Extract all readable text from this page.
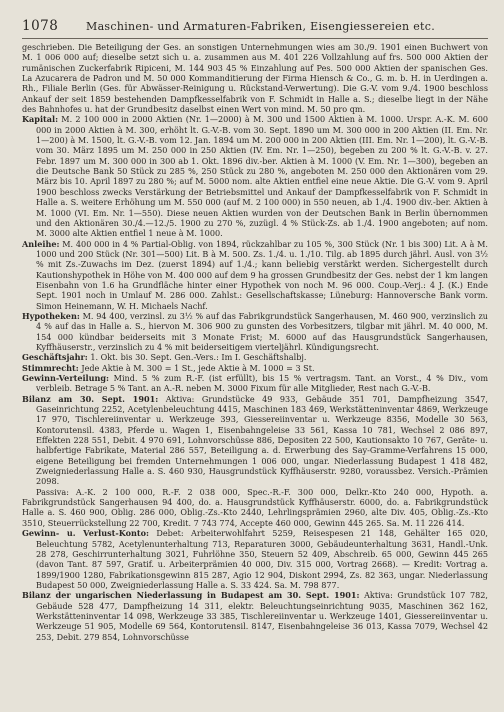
1078	Maschinen- und Armaturen-Fabriken, Eisengiessereien etc.

geschrieben. Die Beteiligung der Ges. an sonstigen Unternehmungen wies am 30./9. 1901 einen Buchwert von M. 1 006 000 auf; dieselbe setzt sich u. a. zusammen aus M. 401 226 Vollzahlung auf frs. 500 000 Aktien der rumänischen Zuckerfabrik Ripiceni, M. 144 903 45 % Einzahlung auf Pes. 500 000 Aktien der spanischen Ges. La Azucarera de Padron und M. 50 000 Kommanditierung der Firma Hiensch & Co., G. m. b. H. in Uerdingen a. Rh., Filiale Berlin (Ges. für Abwässer-Reinigung u. Rückstand-Verwertung). Die G.-V. vom 9./4. 1900 beschloss Ankauf der seit 1859 bestehenden Dampfkesselfabrik von F. Schmidt in Halle a. S.; dieselbe liegt in der Nähe des Bahnhofes u. hat der Grundbesitz daselbst einen Wert von mind. M. 50 pro qm.

Kapital: M. 2 100 000 in 2000 Aktien (Nr. 1—2000) à M. 300 und 1500 Aktien à M. 1000. Urspr. A.-K. M. 600 000 in 2000 Aktien à M. 300, erhöht lt. G.-V.-B. vom 30. Sept. 1890 um M. 300 000 in 200 Aktien (II. Em. Nr. 1—200) à M. 1500, lt. G.-V.-B. vom 12. Jan. 1894 um M. 200 000 in 200 Aktien (III. Em. Nr. 1—200), lt. G.-V.-B. vom 30. März 1895 um M. 250 000 in 250 Aktien (IV. Em. Nr. 1—250), begeben zu 200 % lt. G.-V.-B. v. 27. Febr. 1897 um M. 300 000 in 300 ab 1. Okt. 1896 div.-ber. Aktien à M. 1000 (V. Em. Nr. 1—300), begeben an die Deutsche Bank 50 Stück zu 285 %, 250 Stück zu 280 %, angeboten M. 250 000 den Aktionären vom 29. März bis 10. April 1897 zu 280 %; auf M. 5000 nom. alte Aktien entfiel eine neue Aktie. Die G.-V. vom 9. April 1900 beschloss zwecks Verstärkung der Betriebsmittel und Ankauf der Dampfkesselfabrik von F. Schmidt in Halle a. S. weitere Erhöhung um M. 550 000 (auf M. 2 100 000) in 550 neuen, ab 1./4. 1900 div.-ber. Aktien à M. 1000 (VI. Em. Nr. 1—550). Diese neuen Aktien wurden von der Deutschen Bank in Berlin übernommen und den Aktionären 30./4.—12./5. 1900 zu 270 %, zuzügl. 4 % Stück-Zs. ab 1./4. 1900 angeboten; auf nom. M. 3000 alte Aktien entfiel 1 neue à M. 1000.

Anleihe: M. 400 000 in 4 % Partial-Oblig. von 1894, rückzahlbar zu 105 %, 300 Stück (Nr. 1 bis 300) Lit. A à M. 1000 und 200 Stück (Nr. 301—500) Lit. B à M. 500. Zs. 1./4. u. 1./10. Tilg. ab 1895 durch jährl. Ausl. von 3½ % mit Zs.-Zuwachs im Dez. (zuerst 1894) auf 1./4.; kann beliebig verstärkt werden. Sichergestellt durch Kautionshypothek in Höhe von M. 400 000 auf dem 9 ha grossen Grundbesitz der Ges. nebst der 1 km langen Eisenbahn von 1.6 ha Grundfläche hinter einer Hypothek von noch M. 96 000. Coup.-Verj.: 4 J. (K.) Ende Sept. 1901 noch in Umlauf M. 286 000. Zahlst.: Gesellschaftskasse; Lüneburg: Hannoversche Bank vorm. Simon Heinemann, W. H. Michaels Nachf.

Hypotheken: M. 94 400, verzinsl. zu 3½ % auf das Fabrikgrundstück Sangerhausen, M. 460 900, verzinslich zu 4 % auf das in Halle a. S., hiervon M. 306 900 zu gunsten des Vorbesitzers, tilgbar mit jährl. M. 40 000, M. 154 000 kündbar beiderseits mit 3 Monate Frist; M. 6000 auf das Hausgrundstück Sangerhausen, Kyffhäuserstr., verzinslich zu 4 % mit beiderseitigem vierteljährl. Kündigungsrecht.

Geschäftsjahr: 1. Okt. bis 30. Sept. Gen.-Vers.: Im I. Geschäftshalbj.

Stimmrecht: Jede Aktie à M. 300 = 1 St., jede Aktie à M. 1000 = 3 St.

Gewinn-Verteilung: Mind. 5 % zum R.-F. (ist erfüllt), bis 15 % vertragsm. Tant. an Vorst., 4 % Div., vom verbleib. Betrage 5 % Tant. an A.-R. neben M. 3000 Fixum für alle Mitglieder, Rest nach G.-V.-B.

Bilanz am 30. Sept. 1901: Aktiva: Grundstücke 49 933, Gebäude 351 701, Dampfheizung 3547, Gaseinrichtung 2252, Acetylenbeleuchtung 4415, Maschinen 183 469, Werkstätteninventar 4869, Werkzeuge 17 970, Tischlereiinventar u. Werkzeuge 393, Giessereiinventar u. Werkzeuge 8356, Modelle 30 563, Kontorutensil. 4383, Pferde u. Wagen 1, Eisenbahngeleise 33 561, Kassa 10 781, Wechsel 2 086 897, Effekten 228 551, Debit. 4 970 691, Lohnvorschüsse 886, Depositen 22 500, Kautionsakto 10 767, Geräte- u. halbfertige Fabrikate, Material 286 557, Beteiligung a. d. Erwerbung des Say-Gramme-Verfahrens 15 000, eigene Beteiligung bei fremden Unternehmungen 1 006 000, ungar. Niederlassung Budapest 1 418 482, Zweigniederlassung Halle a. S. 460 930, Hausgrundstück Kyffhäuserstr. 9280, voraussbez. Versich.-Prämien 2098.

Passiva: A.-K. 2 100 000, R.-F. 2 038 000, Spec.-R.-F. 300 000, Delkr.-Kto 240 000, Hypoth. a. Fabrikgrundstück Sangerhausen 94 400, do. a. Hausgrundstück Kyffhäuserstr. 6000, do. a. Fabrikgrundstück Halle a. S. 460 900, Oblig. 286 000, Oblig.-Zs.-Kto 2440, Lehrlingsprämien 2960, alte Div. 405, Oblig.-Zs.-Kto 3510, Steuerrückstellung 22 700, Kredit. 7 743 774, Accepte 460 000, Gewinn 445 265. Sa. M. 11 226 414.

Gewinn- u. Verlust-Konto: Debet: Arbeiterwohlfahrt 5259, Reisespesen 21 148, Gehälter 165 020, Beleuchtung 5782, Acetylenunterhaltung 713, Reparaturen 3000, Gebäudeunterhaltung 3631, Handl.-Unk. 28 278, Geschirrunterhaltung 3021, Fuhrlöhne 350, Steuern 52 409, Abschreib. 65 000, Gewinn 445 265 (davon Tant. 87 597, Gratif. u. Arbeiterprämien 40 000, Div. 315 000, Vortrag 2668). — Kredit: Vortrag a. 1899/1900 1280, Fabrikationsgewinn 815 287, Agio 12 904, Diskont 2994, Zs. 82 363, ungar. Niederlassung Budapest 50 000, Zweigniederlassung Halle a. S. 33 424. Sa. M. 798 877.

Bilanz der ungarischen Niederlassung in Budapest am 30. Sept. 1901: Aktiva: Grundstück 107 782, Gebäude 528 477, Dampfheizung 14 311, elektr. Beleuchtungseinrichtung 9035, Maschinen 362 162, Werkstätteninventar 14 098, Werkzeuge 33 385, Tischlereiinventar u. Werkzeuge 1401, Giessereiinventar u. Werkzeuge 51 905, Modelle 69 564, Kontorutensil. 8147, Eisenbahngeleise 36 013, Kassa 7079, Wechsel 42 253, Debit. 279 854, Lohnvorschüsse
